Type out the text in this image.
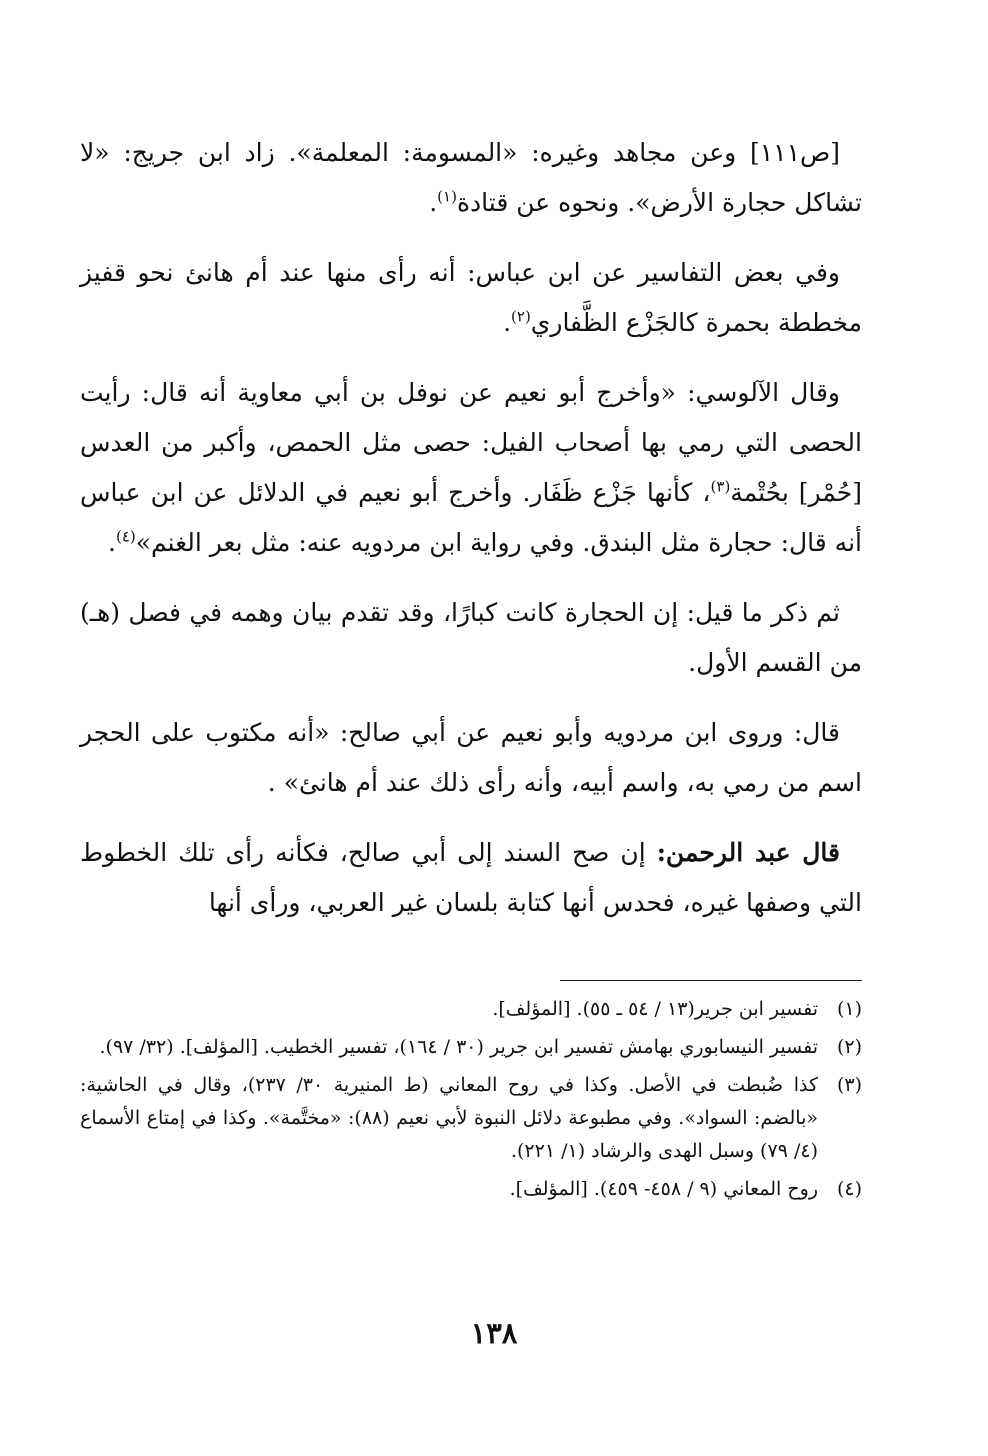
[ص١١١] وعن مجاهد وغيره: «المسومة: المعلمة». زاد ابن جريج: «لا تشاكل حجارة الأرض». ونحوه عن قتادة$^{(١)}$.

وفي بعض التفاسير عن ابن عباس: أنه رأى منها عند أم هانئ نحو قفيز مخططة بحمرة كالجَزْع الظَّفاري$^{(٢)}$.

وقال الآلوسي: «وأخرج أبو نعيم عن نوفل بن أبي معاوية أنه قال: رأيت الحصى التي رمي بها أصحاب الفيل: حصى مثل الحمص، وأكبر من العدس [حُمْر] بحُتْمة$^{(٣)}$، كأنها جَزْع ظَفَار. وأخرج أبو نعيم في الدلائل عن ابن عباس أنه قال: حجارة مثل البندق. وفي رواية ابن مردويه عنه: مثل بعر الغنم»$^{(٤)}$.

ثم ذكر ما قيل: إن الحجارة كانت كبارًا، وقد تقدم بيان وهمه في فصل (هـ) من القسم الأول.

قال: وروى ابن مردويه وأبو نعيم عن أبي صالح: «أنه مكتوب على الحجر اسم من رمي به، واسم أبيه، وأنه رأى ذلك عند أم هانئ» .

قال عبد الرحمن: إن صح السند إلى أبي صالح، فكأنه رأى تلك الخطوط التي وصفها غيره، فحدس أنها كتابة بلسان غير العربي، ورأى أنها

(١)
تفسير ابن جرير(١٣ / ٥٤ ـ ٥٥). [المؤلف].
(٢)
تفسير النيسابوري بهامش تفسير ابن جرير (٣٠ / ١٦٤)، تفسير الخطيب. [المؤلف]. (٣٢/ ٩٧).
(٣)
كذا ضُبطت في الأصل. وكذا في روح المعاني (ط المنيرية ٣٠/ ٢٣٧)، وقال في الحاشية: «بالضم: السواد». وفي مطبوعة دلائل النبوة لأبي نعيم (٨٨): «مختَّمة». وكذا في إمتاع الأسماع (٤/ ٧٩) وسبل الهدى والرشاد (١/ ٢٢١).
(٤)
روح المعاني (٩ / ٤٥٨- ٤٥٩). [المؤلف].
١٣٨
